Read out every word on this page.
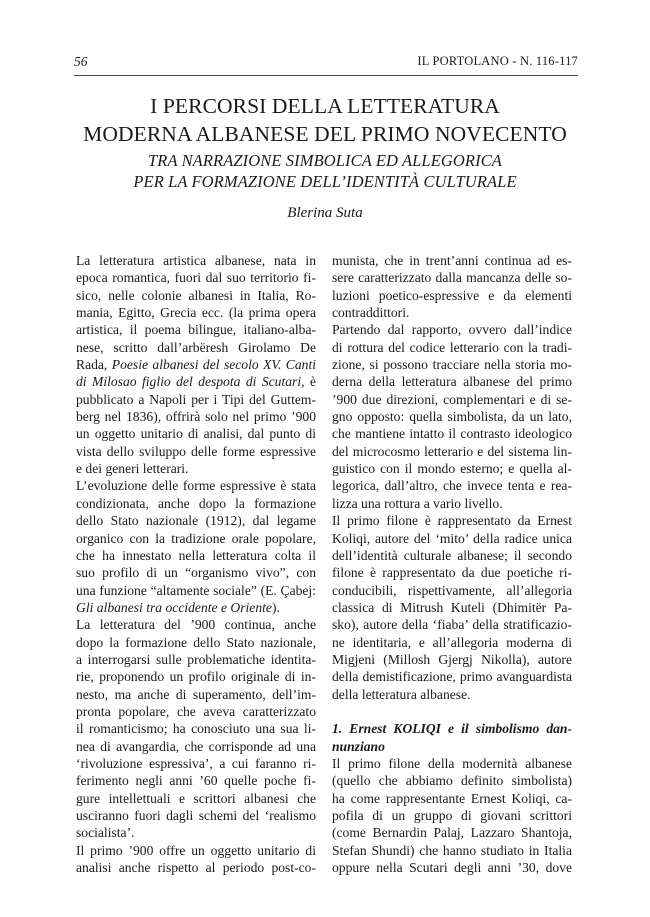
56	IL PORTOLANO - N. 116-117
I PERCORSI DELLA LETTERATURA
MODERNA ALBANESE DEL PRIMO NOVECENTO
TRA NARRAZIONE SIMBOLICA ED ALLEGORICA
PER LA FORMAZIONE DELL’IDENTITÀ CULTURALE
Blerina Suta
La letteratura artistica albanese, nata in
epoca romantica, fuori dal suo territorio fi-
sico, nelle colonie albanesi in Italia, Ro-
mania, Egitto, Grecia ecc. (la prima opera
artistica, il poema bilingue, italiano-alba-
nese, scritto dall’arbëresh Girolamo De
Rada, Poesie albanesi del secolo XV. Canti
di Milosao figlio del despota di Scutari, è
pubblicato a Napoli per i Tipi del Guttem-
berg nel 1836), offrirà solo nel primo ’900
un oggetto unitario di analisi, dal punto di
vista dello sviluppo delle forme espressive
e dei generi letterari.
L’evoluzione delle forme espressive è stata
condizionata, anche dopo la formazione
dello Stato nazionale (1912), dal legame
organico con la tradizione orale popolare,
che ha innestato nella letteratura colta il
suo profilo di un “organismo vivo”, con
una funzione “altamente sociale” (E. Çabej:
Gli albanesi tra occidente e Oriente).
La letteratura del ’900 continua, anche
dopo la formazione dello Stato nazionale,
a interrogarsi sulle problematiche identita-
rie, proponendo un profilo originale di in-
nesto, ma anche di superamento, dell’im-
pronta popolare, che aveva caratterizzato
il romanticismo; ha conosciuto una sua li-
nea di avangardia, che corrisponde ad una
‘rivoluzione espressiva’, a cui faranno ri-
ferimento negli anni ’60 quelle poche fi-
gure intellettuali e scrittori albanesi che
usciranno fuori dagli schemi del ‘realismo
socialista’.
Il primo ’900 offre un oggetto unitario di
analisi anche rispetto al periodo post-co-
munista, che in trent’anni continua ad es-
sere caratterizzato dalla mancanza delle so-
luzioni poetico-espressive e da elementi
contraddittori.
Partendo dal rapporto, ovvero dall’indice
di rottura del codice letterario con la tradi-
zione, si possono tracciare nella storia mo-
derna della letteratura albanese del primo
’900 due direzioni, complementari e di se-
gno opposto: quella simbolista, da un lato,
che mantiene intatto il contrasto ideologico
del microcosmo letterario e del sistema lin-
guistico con il mondo esterno; e quella al-
legorica, dall’altro, che invece tenta e rea-
lizza una rottura a vario livello.
Il primo filone è rappresentato da Ernest
Koliqi, autore del ‘mito’ della radice unica
dell’identità culturale albanese; il secondo
filone è rappresentato da due poetiche ri-
conducibili, rispettivamente, all’allegoria
classica di Mitrush Kuteli (Dhimitër Pa-
sko), autore della ‘fiaba’ della stratificazio-
ne identitaria, e all’allegoria moderna di
Migjeni (Millosh Gjergj Nikolla), autore
della demistificazione, primo avanguardista
della letteratura albanese.
1. Ernest KOLIQI e il simbolismo dan-
nunziano
Il primo filone della modernità albanese
(quello che abbiamo definito simbolista)
ha come rappresentante Ernest Koliqi, ca-
pofila di un gruppo di giovani scrittori
(come Bernardin Palaj, Lazzaro Shantoja,
Stefan Shundi) che hanno studiato in Italia
oppure nella Scutari degli anni ’30, dove
